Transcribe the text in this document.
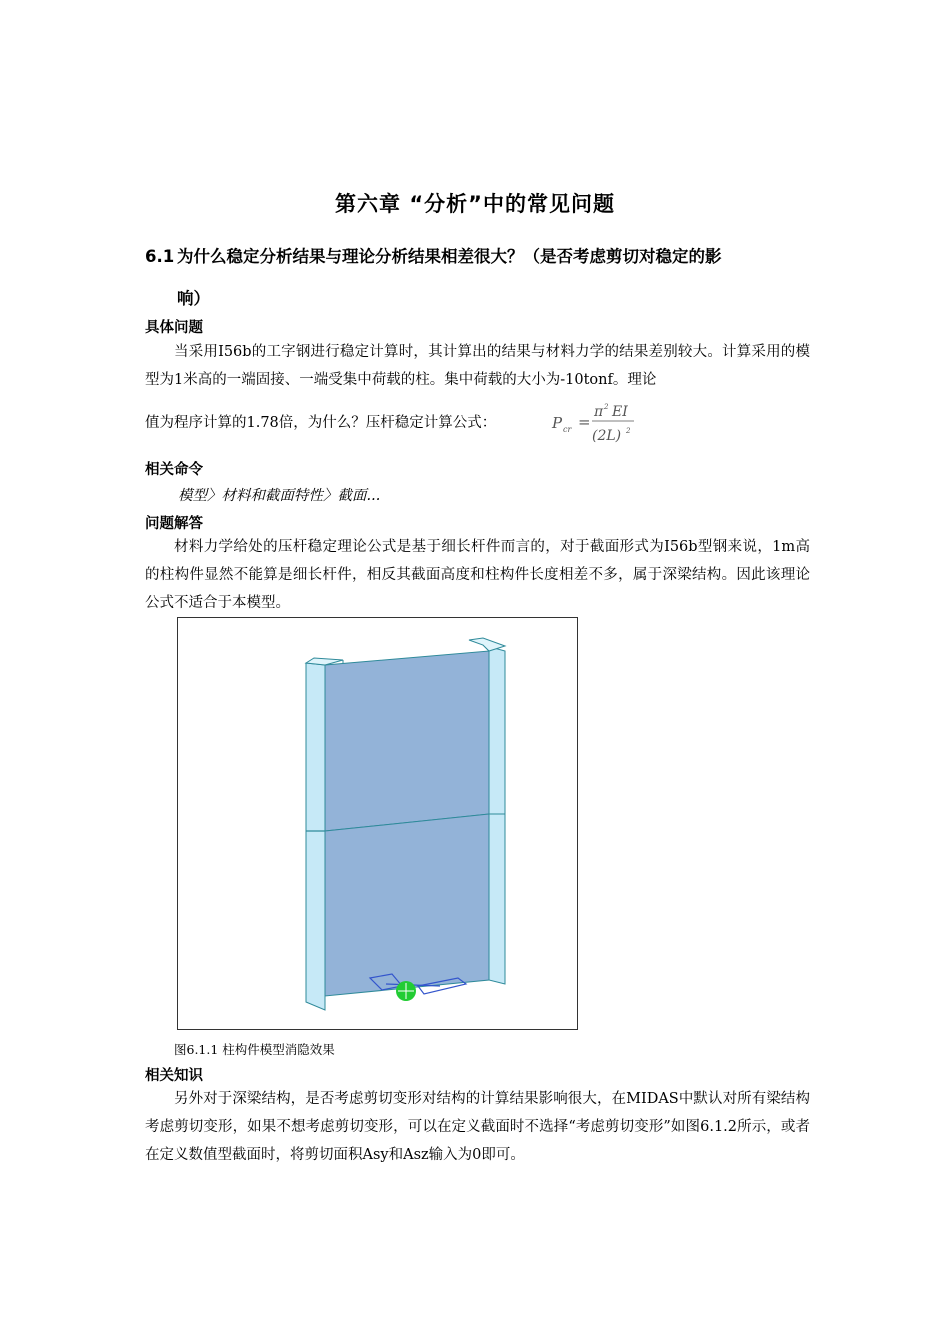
第六章 “分析”中的常见问题
6.1 为什么稳定分析结果与理论分析结果相差很大？（是否考虑剪切对稳定的影
响）
具体问题
当采用I56b的工字钢进行稳定计算时，其计算出的结果与材料力学的结果差别较大。计算采用的模型为1米高的一端固接、一端受集中荷载的柱。集中荷载的大小为-10tonf。理论
值为程序计算的1.78倍，为什么？压杆稳定计算公式：	P cr =
π 2 EI
(2L) 2
相关命令
模型〉材料和截面特性〉截面...
问题解答
材料力学给处的压杆稳定理论公式是基于细长杆件而言的，对于截面形式为I56b型钢来说，1m高的柱构件显然不能算是细长杆件，相反其截面高度和柱构件长度相差不多，属于深梁结构。因此该理论公式不适合于本模型。
图6.1.1 柱构件模型消隐效果
相关知识
另外对于深梁结构，是否考虑剪切变形对结构的计算结果影响很大，在MIDAS中默认对所有梁结构考虑剪切变形，如果不想考虑剪切变形，可以在定义截面时不选择“考虑剪切变形”如图6.1.2所示，或者在定义数值型截面时，将剪切面积Asy和Asz输入为0即可。
